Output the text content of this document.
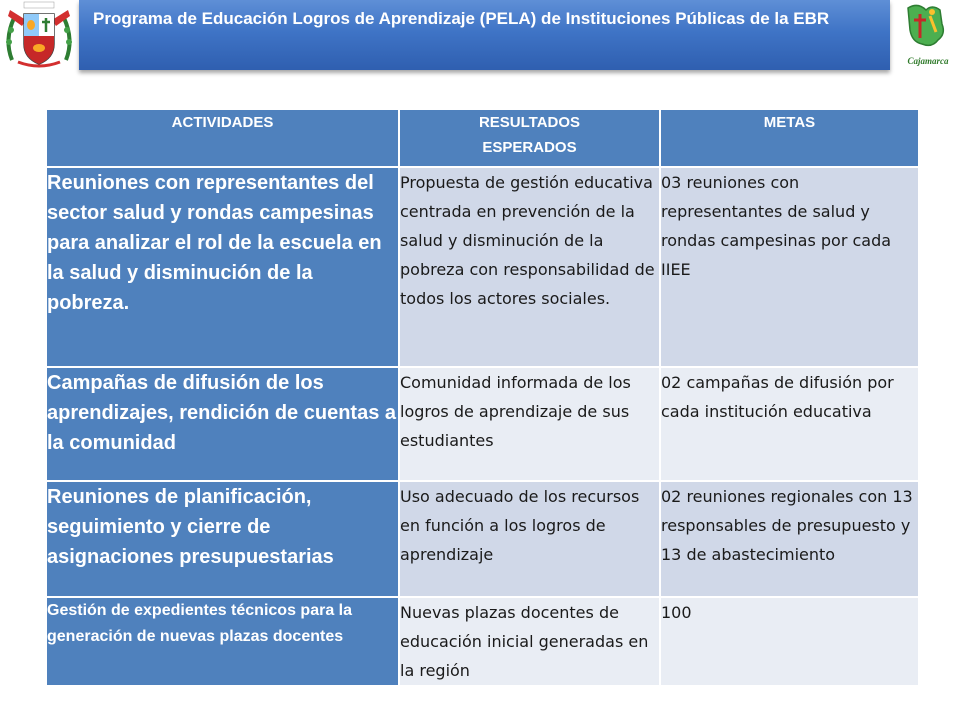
Programa de Educación Logros de Aprendizaje (PELA) de Instituciones Públicas de la EBR
Cajamarca
ACTIVIDADES	RESULTADOS ESPERADOS	METAS
Reuniones con representantes del sector salud y rondas campesinas para analizar el rol de la escuela en la salud y disminución de la pobreza.	Propuesta de gestión educativa centrada en prevención de la salud y disminución de la pobreza con responsabilidad de todos los actores sociales.	03 reuniones con representantes de salud y rondas campesinas por cada IIEE
Campañas de difusión de los aprendizajes, rendición de cuentas a la comunidad	Comunidad informada de los logros de aprendizaje de sus estudiantes	02 campañas de difusión por cada institución educativa
Reuniones de planificación, seguimiento y cierre de asignaciones presupuestarias	Uso adecuado de los recursos en función a los logros de aprendizaje	02 reuniones regionales con 13 responsables de presupuesto y 13 de abastecimiento
Gestión de expedientes técnicos para la generación de nuevas plazas docentes	Nuevas plazas docentes de educación inicial generadas en la región	100
